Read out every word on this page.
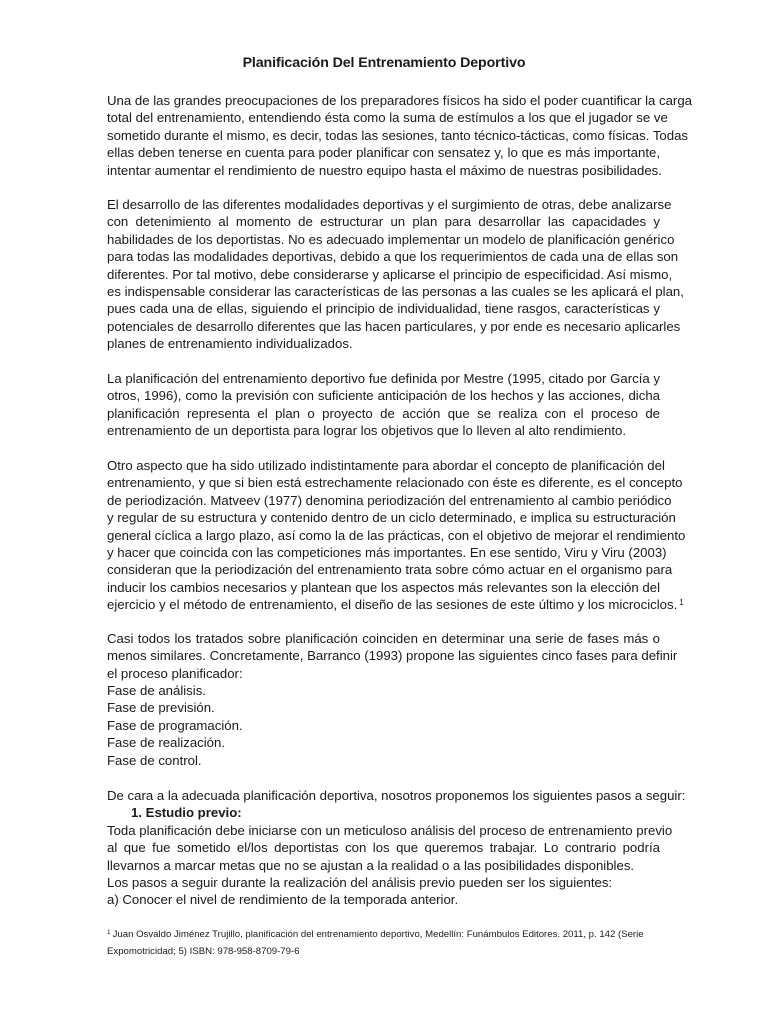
Planificación Del Entrenamiento Deportivo
Una de las grandes preocupaciones de los preparadores físicos ha sido el poder cuantificar la carga
total del entrenamiento, entendiendo ésta como la suma de estímulos a los que el jugador se ve
sometido durante el mismo, es decir, todas las sesiones, tanto técnico-tácticas, como físicas. Todas
ellas deben tenerse en cuenta para poder planificar con sensatez y, lo que es más importante,
intentar aumentar el rendimiento de nuestro equipo hasta el máximo de nuestras posibilidades.
El desarrollo de las diferentes modalidades deportivas y el surgimiento de otras, debe analizarse
con detenimiento al momento de estructurar un plan para desarrollar las capacidades y
habilidades de los deportistas. No es adecuado implementar un modelo de planificación genérico
para todas las modalidades deportivas, debido a que los requerimientos de cada una de ellas son
diferentes. Por tal motivo, debe considerarse y aplicarse el principio de especificidad. Así mismo,
es indispensable considerar las características de las personas a las cuales se les aplicará el plan,
pues cada una de ellas, siguiendo el principio de individualidad, tiene rasgos, características y
potenciales de desarrollo diferentes que las hacen particulares, y por ende es necesario aplicarles
planes de entrenamiento individualizados.
La planificación del entrenamiento deportivo fue definida por Mestre (1995, citado por García y
otros, 1996), como la previsión con suficiente anticipación de los hechos y las acciones, dicha
planificación representa el plan o proyecto de acción que se realiza con el proceso de
entrenamiento de un deportista para lograr los objetivos que lo lleven al alto rendimiento.
Otro aspecto que ha sido utilizado indistintamente para abordar el concepto de planificación del
entrenamiento, y que si bien está estrechamente relacionado con éste es diferente, es el concepto
de periodización. Matveev (1977) denomina periodización del entrenamiento al cambio periódico
y regular de su estructura y contenido dentro de un ciclo determinado, e implica su estructuración
general cíclica a largo plazo, así como la de las prácticas, con el objetivo de mejorar el rendimiento
y hacer que coincida con las competiciones más importantes. En ese sentido, Viru y Viru (2003)
consideran que la periodización del entrenamiento trata sobre cómo actuar en el organismo para
inducir los cambios necesarios y plantean que los aspectos más relevantes son la elección del
ejercicio y el método de entrenamiento, el diseño de las sesiones de este último y los microciclos. $^1$
Casi todos los tratados sobre planificación coinciden en determinar una serie de fases más o
menos similares. Concretamente, Barranco (1993) propone las siguientes cinco fases para definir
el proceso planificador:
Fase de análisis.
Fase de previsión.
Fase de programación.
Fase de realización.
Fase de control.
De cara a la adecuada planificación deportiva, nosotros proponemos los siguientes pasos a seguir:
1. Estudio previo:
Toda planificación debe iniciarse con un meticuloso análisis del proceso de entrenamiento previo
al que fue sometido el/los deportistas con los que queremos trabajar. Lo contrario podría
llevarnos a marcar metas que no se ajustan a la realidad o a las posibilidades disponibles.
Los pasos a seguir durante la realización del análisis previo pueden ser los siguientes:
a) Conocer el nivel de rendimiento de la temporada anterior.
$^1$ Juan Osvaldo Jiménez Trujillo, planificación del entrenamiento deportivo, Medellín: Funámbulos Editores. 2011, p. 142 (Serie
Expomotricidad; 5) ISBN: 978-958-8709-79-6
